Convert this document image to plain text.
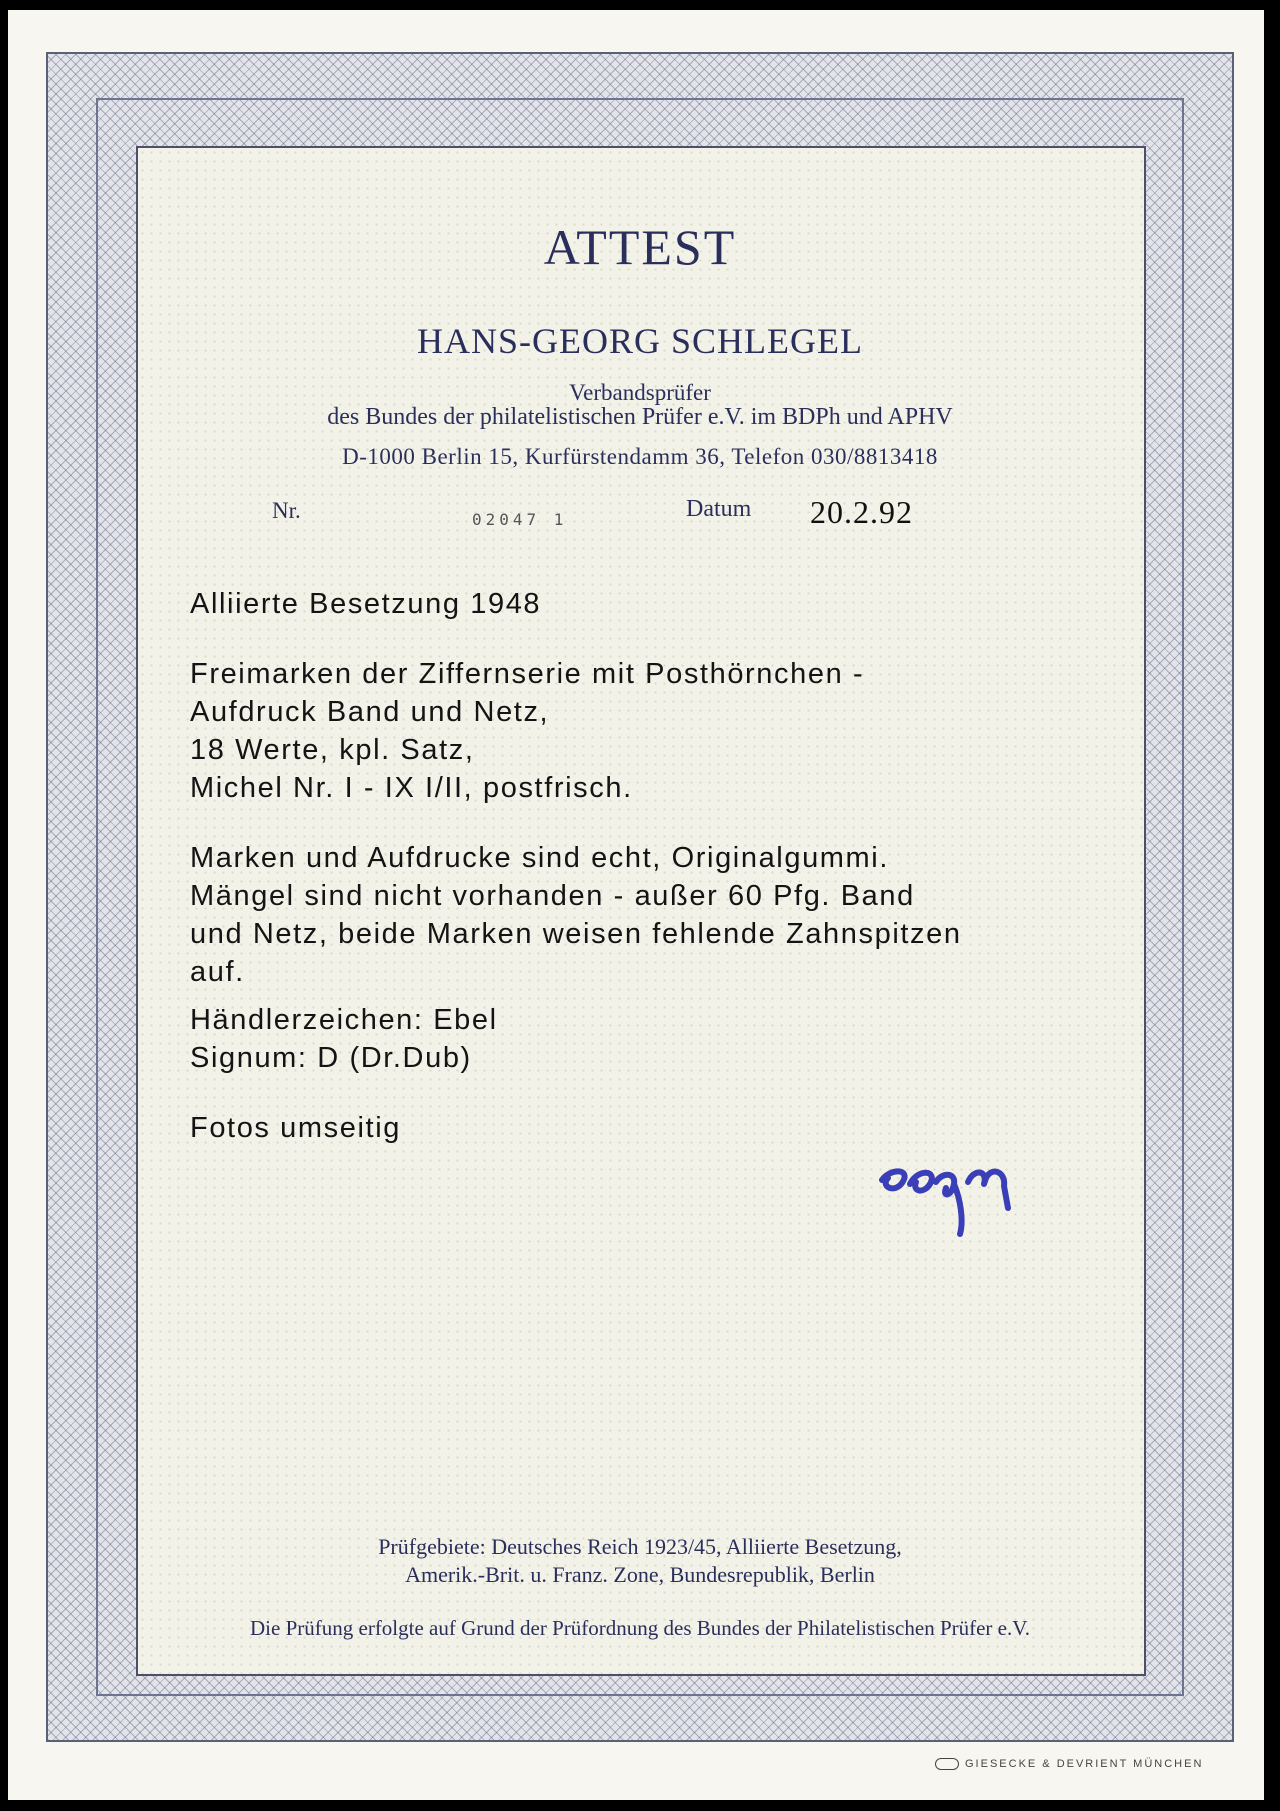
ATTEST
HANS-GEORG SCHLEGEL
Verbandsprüfer
des Bundes der philatelistischen Prüfer e.V. im BDPh und APHV
D-1000 Berlin 15, Kurfürstendamm 36, Telefon 030/8813418
Nr.	02047 1	Datum 20.2.92
Alliierte Besetzung 1948
Freimarken der Ziffernserie mit Posthörnchen -
Aufdruck Band und Netz,
18 Werte, kpl. Satz,
Michel Nr. I - IX I/II, postfrisch.
Marken und Aufdrucke sind echt, Originalgummi.
Mängel sind nicht vorhanden - außer 60 Pfg. Band
und Netz, beide Marken weisen fehlende Zahnspitzen
auf.
Händlerzeichen: Ebel
Signum: D (Dr.Dub)
Fotos umseitig
Prüfgebiete: Deutsches Reich 1923/45, Alliierte Besetzung,
Amerik.-Brit. u. Franz. Zone, Bundesrepublik, Berlin
Die Prüfung erfolgte auf Grund der Prüfordnung des Bundes der Philatelistischen Prüfer e.V.
GIESECKE & DEVRIENT MÜNCHEN
